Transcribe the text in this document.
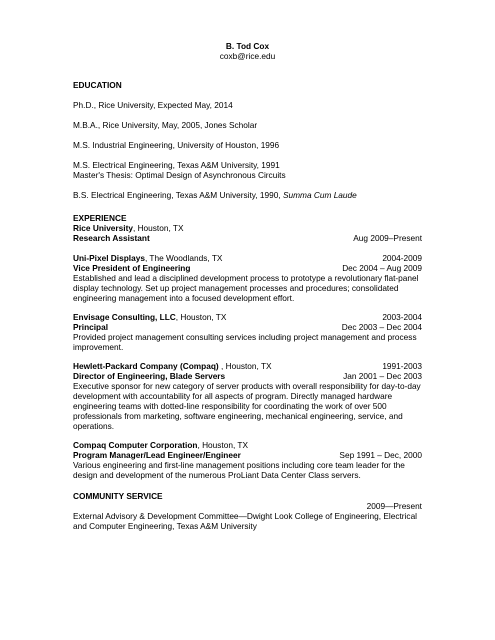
B. Tod Cox
coxb@rice.edu
EDUCATION
Ph.D., Rice University, Expected May, 2014
M.B.A., Rice University, May, 2005, Jones Scholar
M.S. Industrial Engineering, University of Houston, 1996
M.S. Electrical Engineering, Texas A&M University, 1991
Master's Thesis: Optimal Design of Asynchronous Circuits
B.S. Electrical Engineering, Texas A&M University, 1990, Summa Cum Laude
EXPERIENCE
Rice University, Houston, TX
Research Assistant	Aug 2009–Present
Uni-Pixel Displays, The Woodlands, TX	2004-2009
Vice President of Engineering	Dec 2004 – Aug 2009
Established and lead a disciplined development process to prototype a revolutionary flat-panel display technology. Set up project management processes and procedures; consolidated engineering management into a focused development effort.
Envisage Consulting, LLC, Houston, TX	2003-2004
Principal	Dec 2003 – Dec 2004
Provided project management consulting services including project management and process improvement.
Hewlett-Packard Company (Compaq) , Houston, TX	1991-2003
Director of Engineering, Blade Servers	Jan 2001 – Dec 2003
Executive sponsor for new category of server products with overall responsibility for day-to-day development with accountability for all aspects of program. Directly managed hardware engineering teams with dotted-line responsibility for coordinating the work of over 500 professionals from marketing, software engineering, mechanical engineering, service, and operations.
Compaq Computer Corporation, Houston, TX
Program Manager/Lead Engineer/Engineer	Sep 1991 – Dec, 2000
Various engineering and first-line management positions including core team leader for the design and development of the numerous ProLiant Data Center Class servers.
COMMUNITY SERVICE
2009—Present
External Advisory & Development Committee—Dwight Look College of Engineering, Electrical and Computer Engineering, Texas A&M University
